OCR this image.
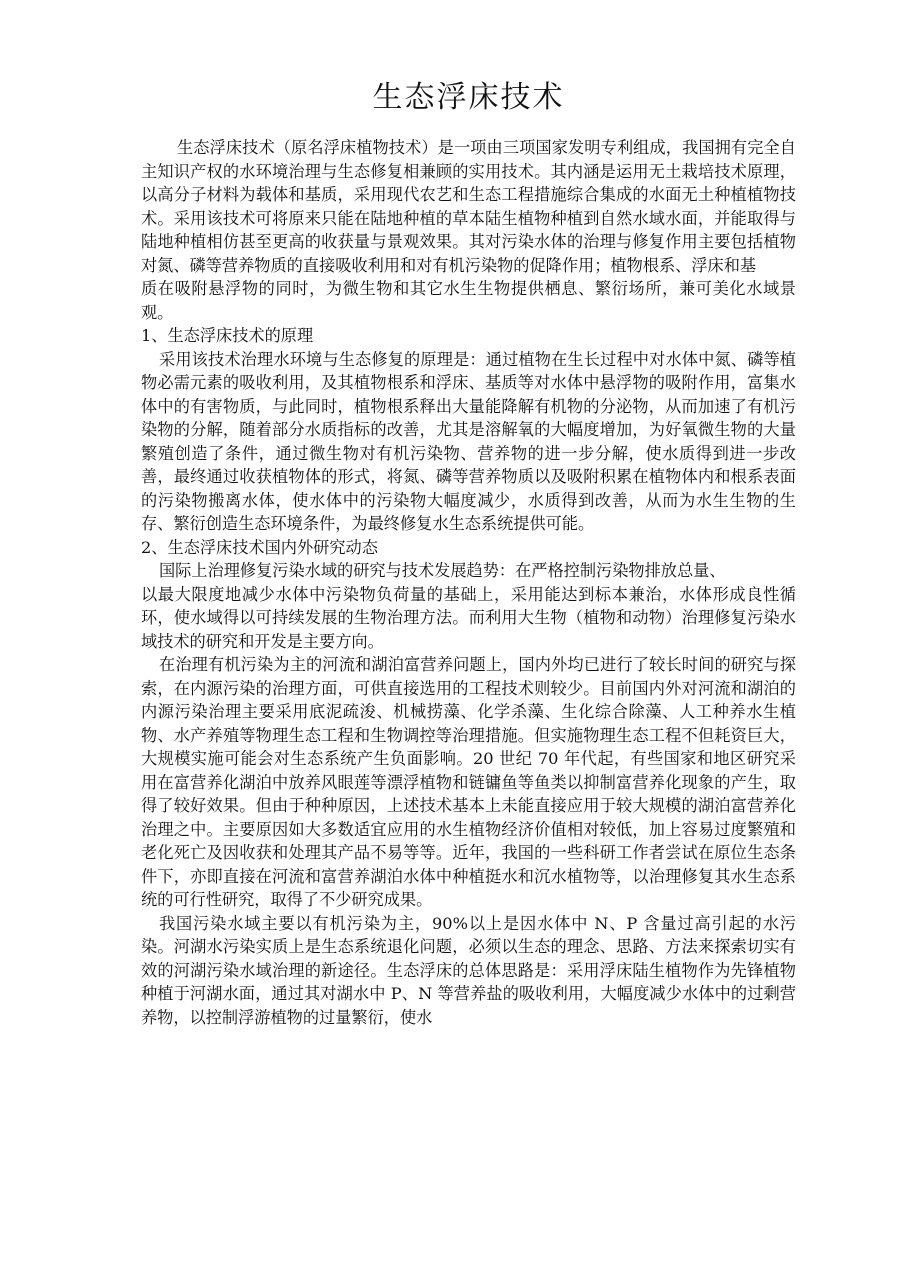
生态浮床技术

生态浮床技术（原名浮床植物技术）是一项由三项国家发明专利组成，我国拥有完全自主知识产权的水环境治理与生态修复相兼顾的实用技术。其内涵是运用无土栽培技术原理，以高分子材料为载体和基质，采用现代农艺和生态工程措施综合集成的水面无土种植植物技术。采用该技术可将原来只能在陆地种植的草本陆生植物种植到自然水域水面，并能取得与陆地种植相仿甚至更高的收获量与景观效果。其对污染水体的治理与修复作用主要包括植物对氮、磷等营养物质的直接吸收利用和对有机污染物的促降作用；植物根系、浮床和基

质在吸附悬浮物的同时，为微生物和其它水生生物提供栖息、繁衍场所，兼可美化水域景观。

1、生态浮床技术的原理

采用该技术治理水环境与生态修复的原理是：通过植物在生长过程中对水体中氮、磷等植物必需元素的吸收利用，及其植物根系和浮床、基质等对水体中悬浮物的吸附作用，富集水体中的有害物质，与此同时，植物根系释出大量能降解有机物的分泌物，从而加速了有机污染物的分解，随着部分水质指标的改善，尤其是溶解氧的大幅度增加，为好氧微生物的大量繁殖创造了条件，通过微生物对有机污染物、营养物的进一步分解，使水质得到进一步改善，最终通过收获植物体的形式，将氮、磷等营养物质以及吸附积累在植物体内和根系表面的污染物搬离水体，使水体中的污染物大幅度减少，水质得到改善，从而为水生生物的生存、繁衍创造生态环境条件，为最终修复水生态系统提供可能。

2、生态浮床技术国内外研究动态

国际上治理修复污染水域的研究与技术发展趋势：在严格控制污染物排放总量、

以最大限度地减少水体中污染物负荷量的基础上，采用能达到标本兼治，水体形成良性循环，使水域得以可持续发展的生物治理方法。而利用大生物（植物和动物）治理修复污染水域技术的研究和开发是主要方向。

在治理有机污染为主的河流和湖泊富营养问题上，国内外均已进行了较长时间的研究与探索，在内源污染的治理方面，可供直接选用的工程技术则较少。目前国内外对河流和湖泊的内源污染治理主要采用底泥疏浚、机械捞藻、化学杀藻、生化综合除藻、人工种养水生植物、水产养殖等物理生态工程和生物调控等治理措施。但实施物理生态工程不但耗资巨大，大规模实施可能会对生态系统产生负面影响。20 世纪 70 年代起，有些国家和地区研究采用在富营养化湖泊中放养风眼莲等漂浮植物和链镛鱼等鱼类以抑制富营养化现象的产生，取得了较好效果。但由于种种原因，上述技术基本上未能直接应用于较大规模的湖泊富营养化治理之中。主要原因如大多数适宜应用的水生植物经济价值相对较低，加上容易过度繁殖和老化死亡及因收获和处理其产品不易等等。近年，我国的一些科研工作者尝试在原位生态条件下，亦即直接在河流和富营养湖泊水体中种植挺水和沉水植物等，以治理修复其水生态系统的可行性研究，取得了不少研究成果。

我国污染水域主要以有机污染为主，90%以上是因水体中 N、P 含量过高引起的水污染。河湖水污染实质上是生态系统退化问题，必须以生态的理念、思路、方法来探索切实有效的河湖污染水域治理的新途径。生态浮床的总体思路是：采用浮床陆生植物作为先锋植物种植于河湖水面，通过其对湖水中 P、N 等营养盐的吸收利用，大幅度减少水体中的过剩营养物，以控制浮游植物的过量繁衍，使水
